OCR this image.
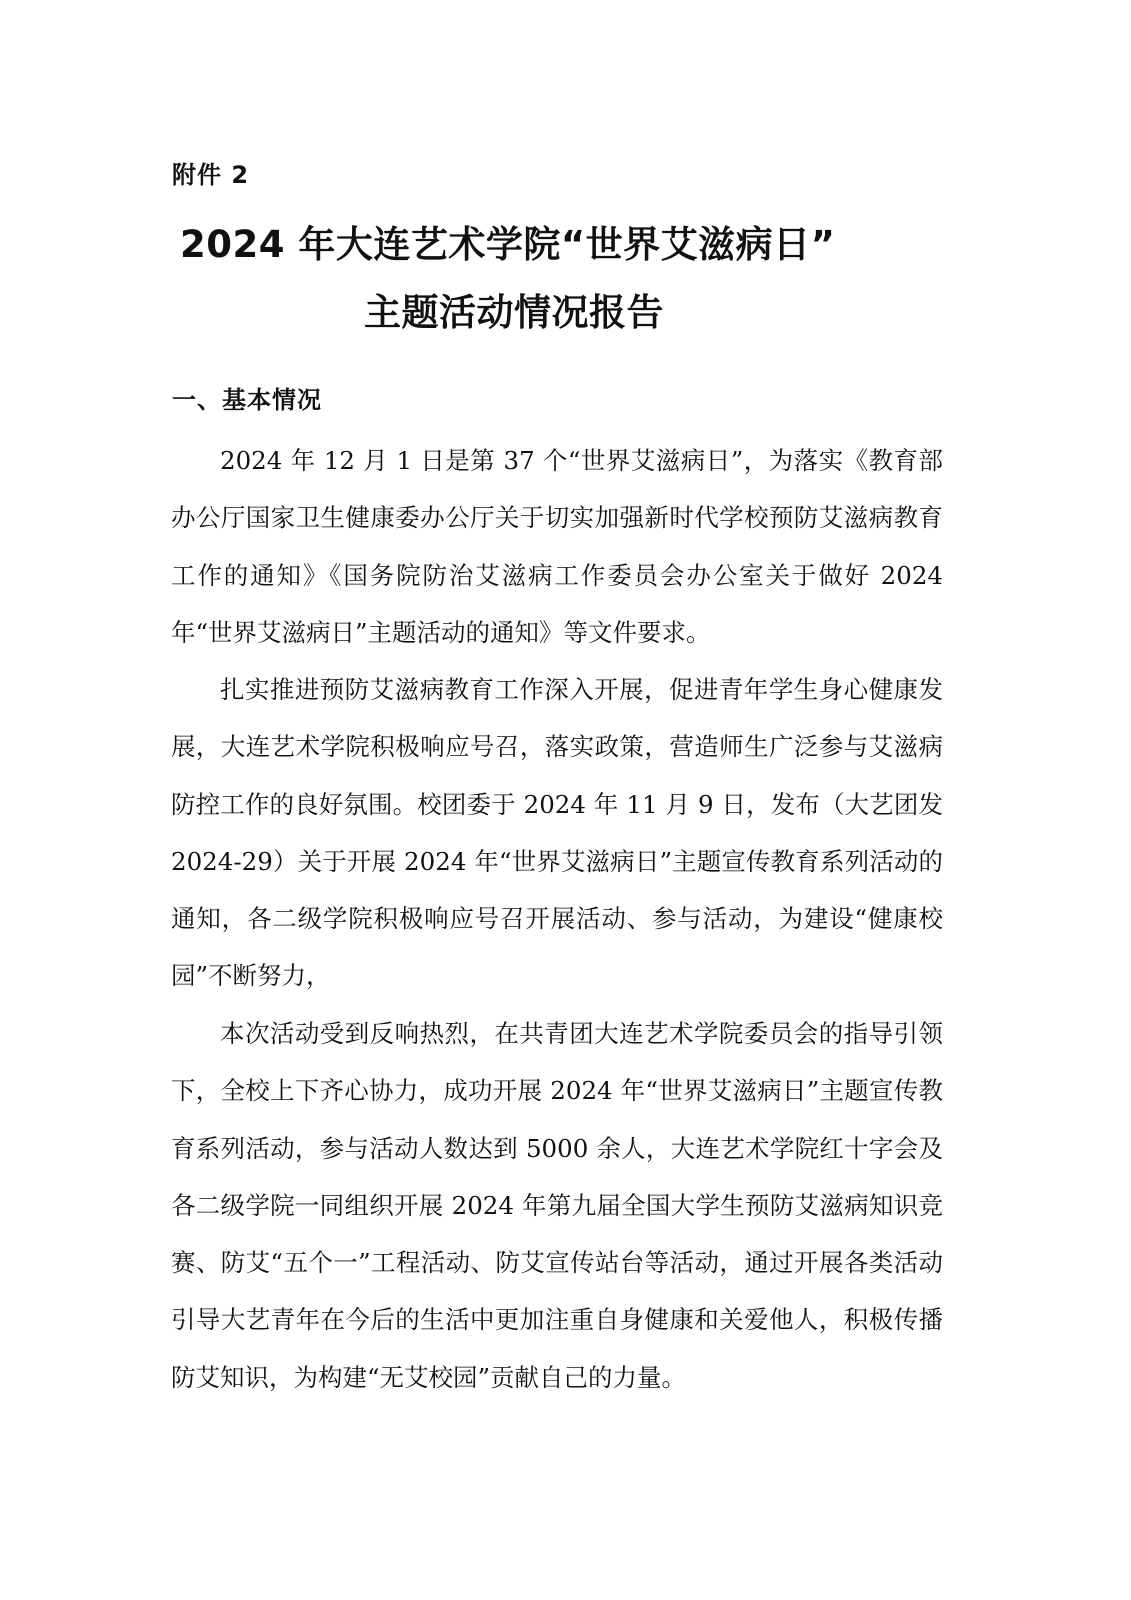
附件 2
2024 年大连艺术学院“世界艾滋病日”
主题活动情况报告
一、基本情况

2024 年 12 月 1 日是第 37 个“世界艾滋病日”，为落实《教育部办公厅国家卫生健康委办公厅关于切实加强新时代学校预防艾滋病教育工作的通知》《国务院防治艾滋病工作委员会办公室关于做好 2024 年“世界艾滋病日”主题活动的通知》等文件要求。

扎实推进预防艾滋病教育工作深入开展，促进青年学生身心健康发展，大连艺术学院积极响应号召，落实政策，营造师生广泛参与艾滋病防控工作的良好氛围。校团委于 2024 年 11 月 9 日，发布（大艺团发 2024-29）关于开展 2024 年“世界艾滋病日”主题宣传教育系列活动的通知，各二级学院积极响应号召开展活动、参与活动，为建设“健康校园”不断努力，

本次活动受到反响热烈，在共青团大连艺术学院委员会的指导引领下，全校上下齐心协力，成功开展 2024 年“世界艾滋病日”主题宣传教育系列活动，参与活动人数达到 5000 余人，大连艺术学院红十字会及各二级学院一同组织开展 2024 年第九届全国大学生预防艾滋病知识竞赛、防艾“五个一”工程活动、防艾宣传站台等活动，通过开展各类活动引导大艺青年在今后的生活中更加注重自身健康和关爱他人，积极传播防艾知识，为构建“无艾校园”贡献自己的力量。
